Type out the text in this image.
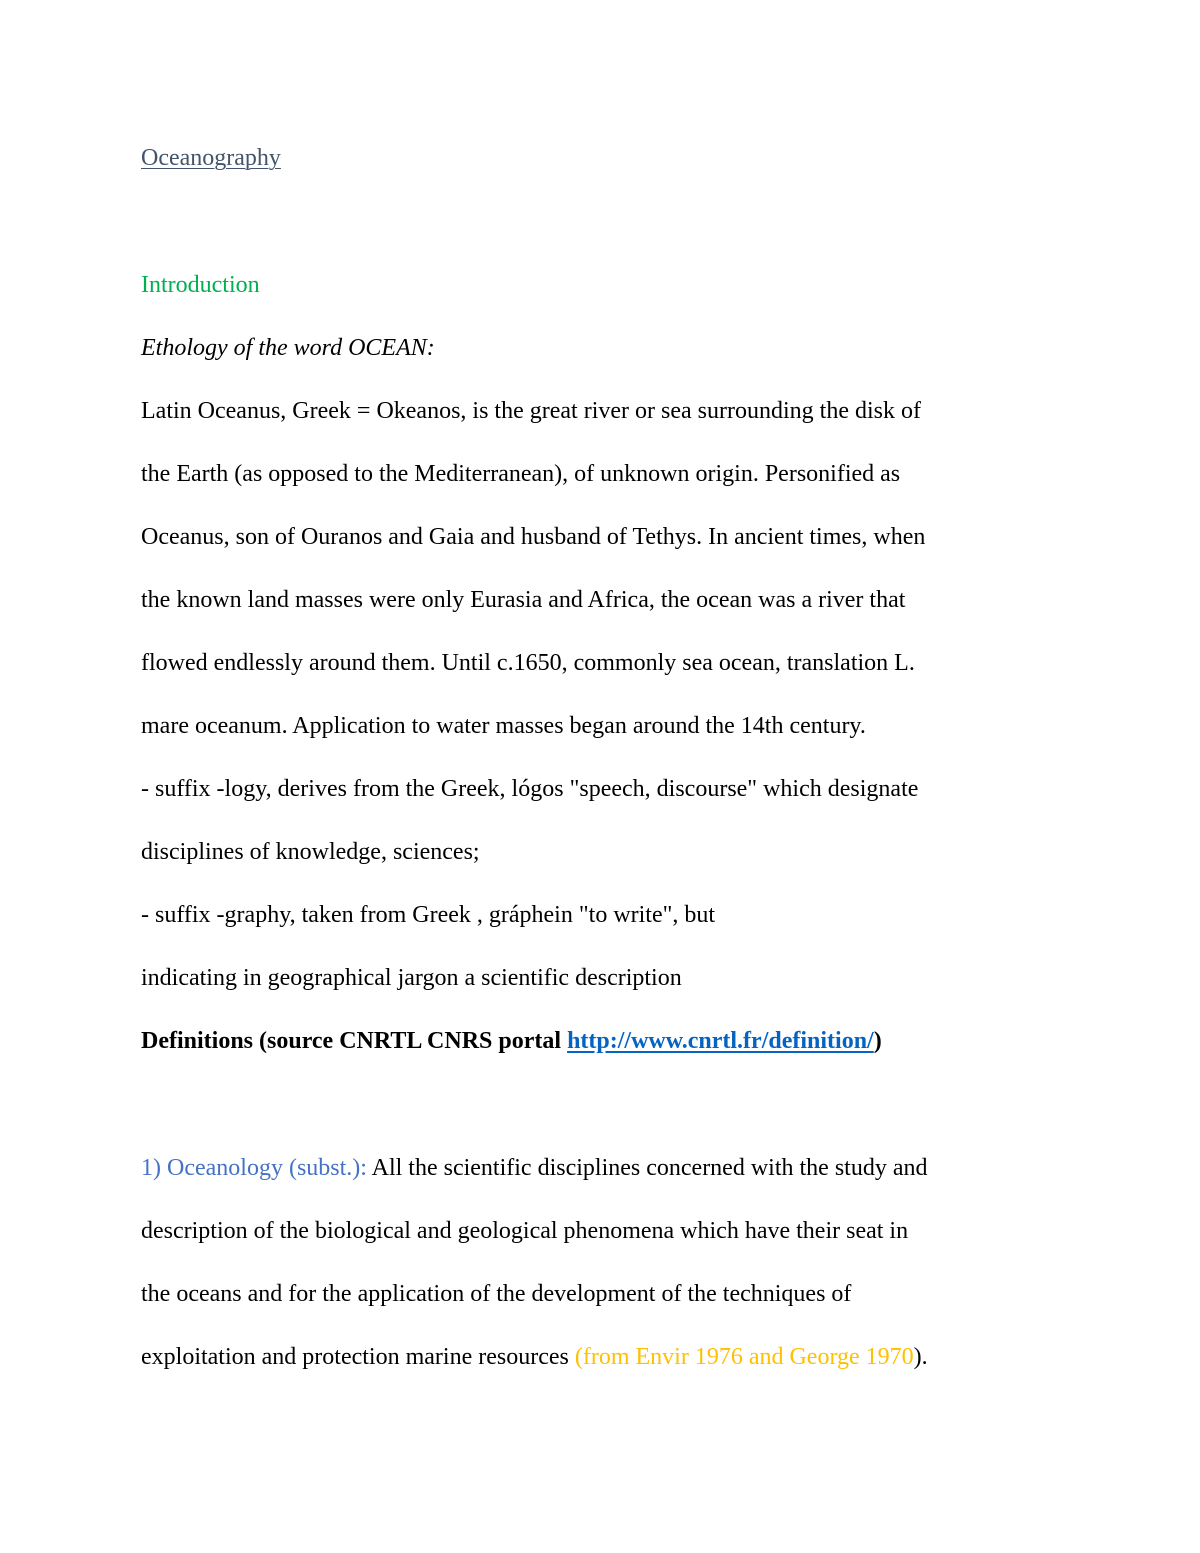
Oceanography
Introduction
Ethology of the word OCEAN:
Latin Oceanus, Greek = Okeanos, is the great river or sea surrounding the disk of
the Earth (as opposed to the Mediterranean), of unknown origin. Personified as
Oceanus, son of Ouranos and Gaia and husband of Tethys. In ancient times, when
the known land masses were only Eurasia and Africa, the ocean was a river that
flowed endlessly around them. Until c.1650, commonly sea ocean, translation L.
mare oceanum. Application to water masses began around the 14th century.
- suffix -logy, derives from the Greek, lógos "speech, discourse" which designate
disciplines of knowledge, sciences;
- suffix -graphy, taken from Greek , gráphein "to write", but
indicating in geographical jargon a scientific description
Definitions (source CNRTL CNRS portal http://www.cnrtl.fr/definition/)
1) Oceanology (subst.): All the scientific disciplines concerned with the study and
description of the biological and geological phenomena which have their seat in
the oceans and for the application of the development of the techniques of
exploitation and protection marine resources (from Envir 1976 and George 1970).
